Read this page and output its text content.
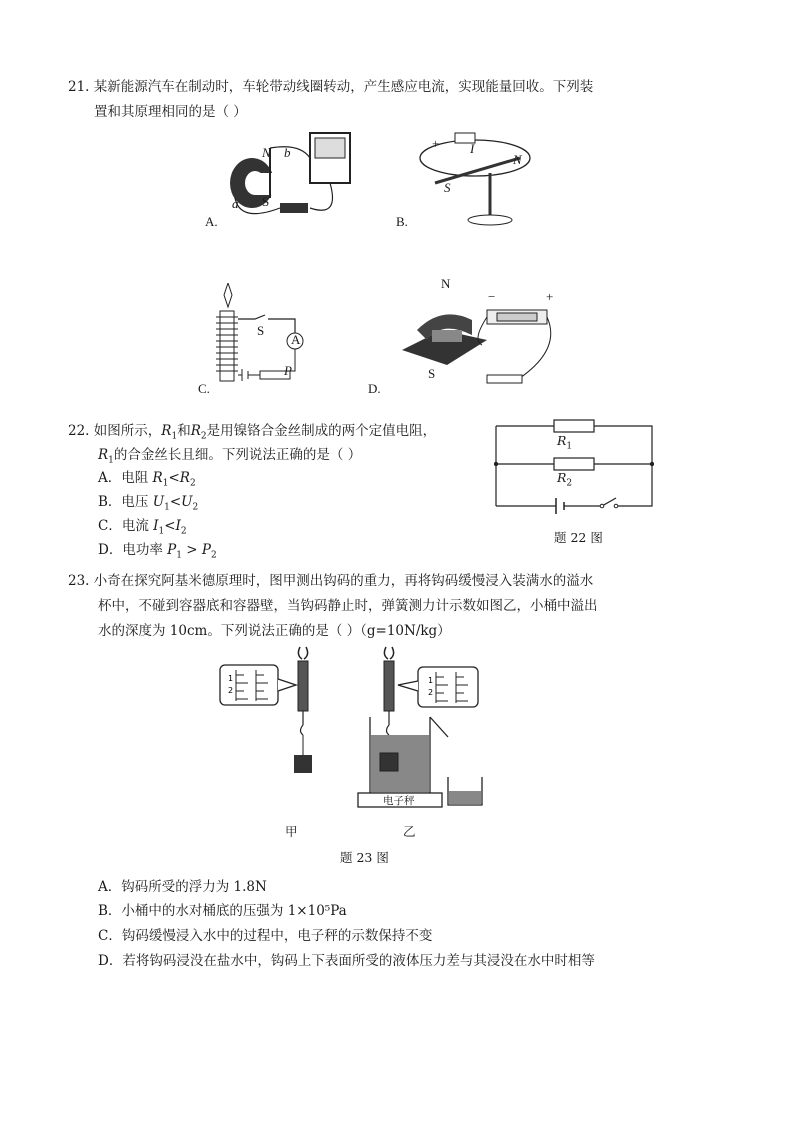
21. 某新能源汽车在制动时，车轮带动线圈转动，产生感应电流，实现能量回收。下列装
置和其原理相同的是（ ）
N b
a S
A.
+ I
N
S
B.
S
A
P
C.
N
−	+
S
D.
22. 如图所示，$R_1$和$R_2$是用镍铬合金丝制成的两个定值电阻，
$R_1$的合金丝长且细。下列说法正确的是（ ）
A．电阻 $R_1<R_2$
B．电压 $U_1<U_2$
C．电流 $I_1<I_2$
D．电功率 $P_1 > P_2$
$R_1$
$R_2$
题 22 图
23. 小奇在探究阿基米德原理时，图甲测出钩码的重力，再将钩码缓慢浸入装满水的溢水
杯中，不碰到容器底和容器壁，当钩码静止时，弹簧测力计示数如图乙，小桶中溢出
水的深度为 10cm。下列说法正确的是（ ）（g=10N/kg）
1
2
1
2
电子秤
甲	乙
题 23 图
A．钩码所受的浮力为 1.8N
B．小桶中的水对桶底的压强为 1×10⁵Pa
C．钩码缓慢浸入水中的过程中，电子秤的示数保持不变
D．若将钩码浸没在盐水中，钩码上下表面所受的液体压力差与其浸没在水中时相等
